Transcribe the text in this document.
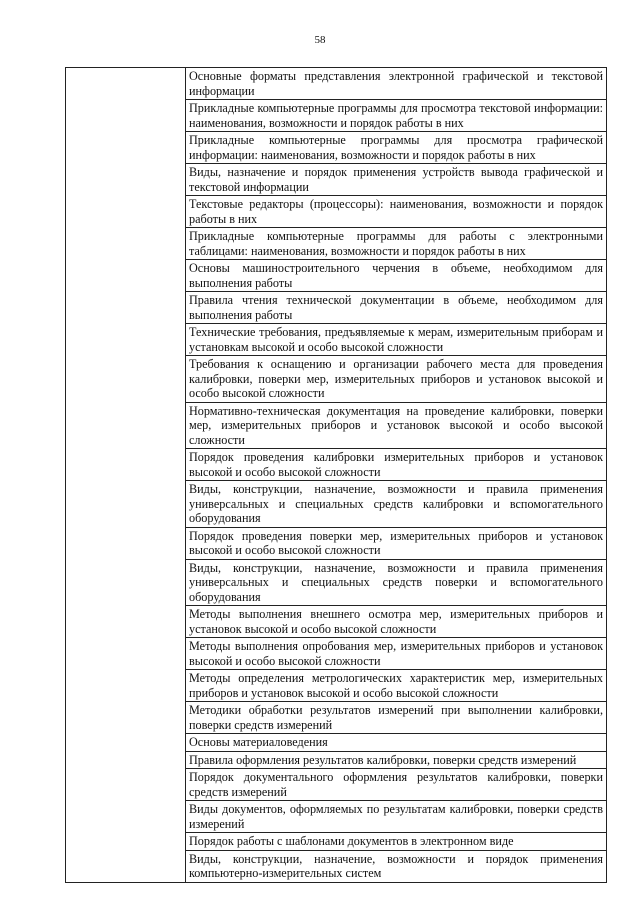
58
	Основные форматы представления электронной графической и текстовой информации
Прикладные компьютерные программы для просмотра текстовой информации: наименования, возможности и порядок работы в них
Прикладные компьютерные программы для просмотра графической информации: наименования, возможности и порядок работы в них
Виды, назначение и порядок применения устройств вывода графической и текстовой информации
Текстовые редакторы (процессоры): наименования, возможности и порядок работы в них
Прикладные компьютерные программы для работы с электронными таблицами: наименования, возможности и порядок работы в них
Основы машиностроительного черчения в объеме, необходимом для выполнения работы
Правила чтения технической документации в объеме, необходимом для выполнения работы
Технические требования, предъявляемые к мерам, измерительным приборам и установкам высокой и особо высокой сложности
Требования к оснащению и организации рабочего места для проведения калибровки, поверки мер, измерительных приборов и установок высокой и особо высокой сложности
Нормативно-техническая документация на проведение калибровки, поверки мер, измерительных приборов и установок высокой и особо высокой сложности
Порядок проведения калибровки измерительных приборов и установок высокой и особо высокой сложности
Виды, конструкции, назначение, возможности и правила применения универсальных и специальных средств калибровки и вспомогательного оборудования
Порядок проведения поверки мер, измерительных приборов и установок высокой и особо высокой сложности
Виды, конструкции, назначение, возможности и правила применения универсальных и специальных средств поверки и вспомогательного оборудования
Методы выполнения внешнего осмотра мер, измерительных приборов и установок высокой и особо высокой сложности
Методы выполнения опробования мер, измерительных приборов и установок высокой и особо высокой сложности
Методы определения метрологических характеристик мер, измерительных приборов и установок высокой и особо высокой сложности
Методики обработки результатов измерений при выполнении калибровки, поверки средств измерений
Основы материаловедения
Правила оформления результатов калибровки, поверки средств измерений
Порядок документального оформления результатов калибровки, поверки средств измерений
Виды документов, оформляемых по результатам калибровки, поверки средств измерений
Порядок работы с шаблонами документов в электронном виде
Виды, конструкции, назначение, возможности и порядок применения компьютерно-измерительных систем
